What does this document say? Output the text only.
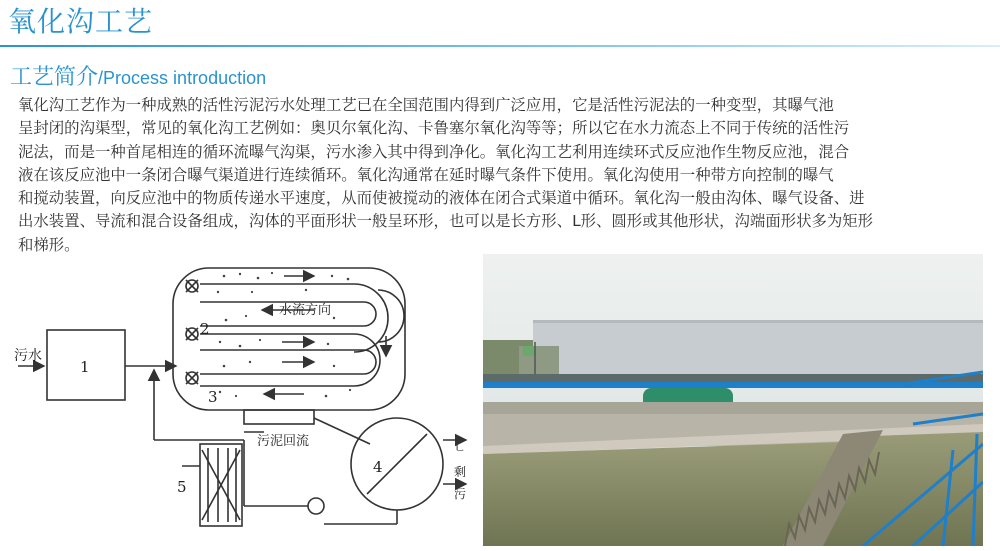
氧化沟工艺
工艺简介/Process introduction
氧化沟工艺作为一种成熟的活性污泥污水处理工艺已在全国范围内得到广泛应用，它是活性污泥法的一种变型，其曝气池
呈封闭的沟渠型，常见的氧化沟工艺例如：奥贝尔氧化沟、卡鲁塞尔氧化沟等等；所以它在水力流态上不同于传统的活性污
泥法，而是一种首尾相连的循环流曝气沟渠，污水渗入其中得到净化。氧化沟工艺利用连续环式反应池作生物反应池，混合
液在该反应池中一条闭合曝气渠道进行连续循环。氧化沟通常在延时曝气条件下使用。氧化沟使用一种带方向控制的曝气
和搅动装置，向反应池中的物质传递水平速度，从而使被搅动的液体在闭合式渠道中循环。氧化沟一般由沟体、曝气设备、进
出水装置、导流和混合设备组成，沟体的平面形状一般呈环形，也可以是长方形、L形、圆形或其他形状，沟端面形状多为矩形
和梯形。
污水
1
水流方向
2
3
污泥回流
4
5
ㄴ
剩
污
